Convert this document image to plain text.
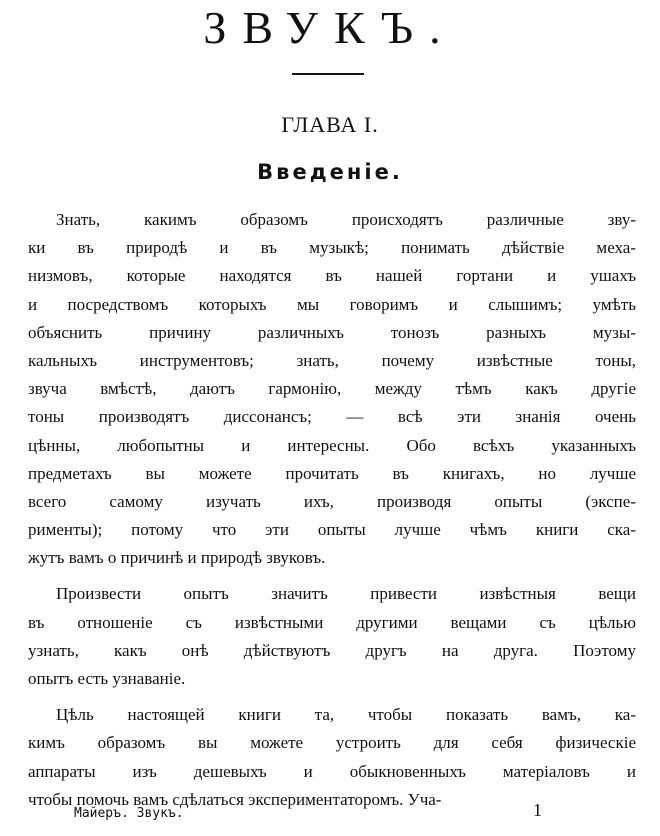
ЗВУКЪ.
ГЛАВА I.
Введеніе.
Знать, какимъ образомъ происходятъ различные зву-
ки въ природѣ и въ музыкѣ; понимать дѣйствіе меха-
низмовъ, которые находятся въ нашей гортани и ушахъ
и посредствомъ которыхъ мы говоримъ и слышимъ; умѣть
объяснить причину различныхъ тонозъ разныхъ музы-
кальныхъ инструментовъ; знать, почему извѣстные тоны,
звуча вмѣстѣ, даютъ гармонію, между тѣмъ какъ другіе
тоны производятъ диссонансъ; — всѣ эти знанія очень
цѣнны, любопытны и интересны. Обо всѣхъ указанныхъ
предметахъ вы можете прочитать въ книгахъ, но лучше
всего самому изучать ихъ, производя опыты (экспе-
рименты); потому что эти опыты лучше чѣмъ книги ска-
жутъ вамъ о причинѣ и природѣ звуковъ.
Произвести опытъ значитъ привести извѣстныя вещи
въ отношеніе съ извѣстными другими вещами съ цѣлью
узнать, какъ онѣ дѣйствуютъ другъ на друга. Поэтому
опытъ есть узнаваніе.
Цѣль настоящей книги та, чтобы показать вамъ, ка-
кимъ образомъ вы можете устроить для себя физическіе
аппараты изъ дешевыхъ и обыкновенныхъ матеріаловъ и
чтобы помочь вамъ сдѣлаться экспериментаторомъ. Уча-
Майеръ. Звукъ.	1
